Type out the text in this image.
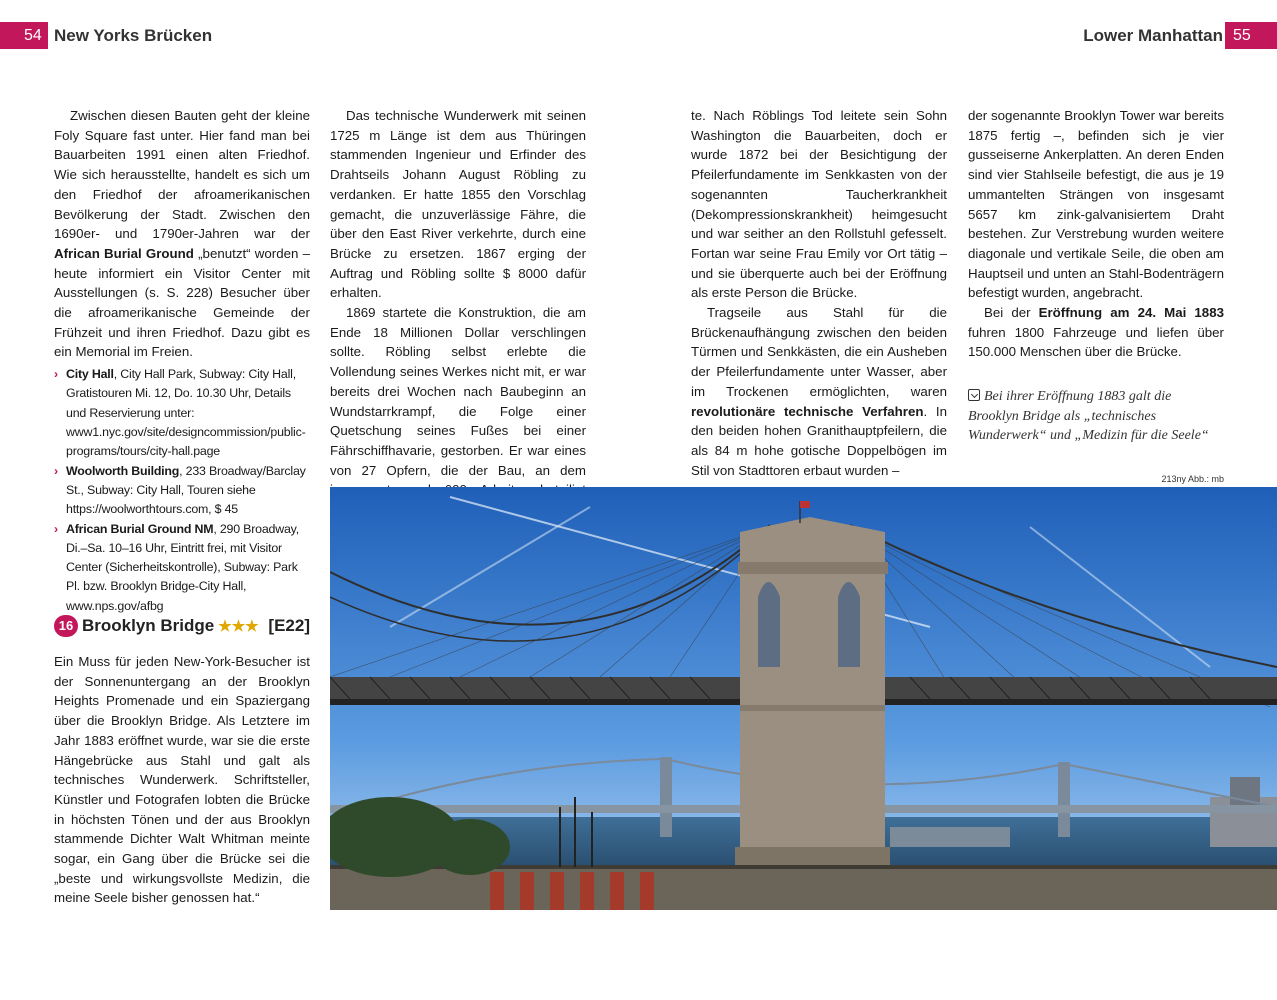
54 New Yorks Brücken	Lower Manhattan 55

Zwischen diesen Bauten geht der kleine Foly Square fast unter. Hier fand man bei Bauarbeiten 1991 einen alten Friedhof. Wie sich herausstellte, handelt es sich um den Friedhof der afroamerikanischen Bevölkerung der Stadt. Zwischen den 1690er- und 1790er-Jahren war der African Burial Ground „benutzt“ worden – heute informiert ein Visitor Center mit Ausstellungen (s. S. 228) Besucher über die afroamerikanische Gemeinde der Frühzeit und ihren Friedhof. Dazu gibt es ein Memorial im Freien.

› City Hall, City Hall Park, Subway: City Hall, Gratistouren Mi. 12, Do. 10.30 Uhr, Details und Reservierung unter: www1.nyc.gov/site/designcommission/public-programs/tours/city-hall.page
› Woolworth Building, 233 Broadway/Barclay St., Subway: City Hall, Touren siehe https://woolworthtours.com, $ 45
› African Burial Ground NM, 290 Broadway, Di.–Sa. 10–16 Uhr, Eintritt frei, mit Visitor Center (Sicherheitskontrolle), Subway: Park Pl. bzw. Brooklyn Bridge-City Hall, www.nps.gov/afbg
16 Brooklyn Bridge ★★★ [E22]

Ein Muss für jeden New-York-Besucher ist der Sonnenuntergang an der Brooklyn Heights Promenade und ein Spaziergang über die Brooklyn Bridge. Als Letztere im Jahr 1883 eröffnet wurde, war sie die erste Hängebrücke aus Stahl und galt als technisches Wunderwerk. Schriftsteller, Künstler und Fotografen lobten die Brücke in höchsten Tönen und der aus Brooklyn stammende Dichter Walt Whitman meinte sogar, ein Gang über die Brücke sei die „beste und wirkungsvollste Medizin, die meine Seele bisher genossen hat.“

Das technische Wunderwerk mit seinen 1725 m Länge ist dem aus Thüringen stammenden Ingenieur und Erfinder des Drahtseils Johann August Röbling zu verdanken. Er hatte 1855 den Vorschlag gemacht, die unzuverlässige Fähre, die über den East River verkehrte, durch eine Brücke zu ersetzen. 1867 erging der Auftrag und Röbling sollte $ 8000 dafür erhalten.

1869 startete die Konstruktion, die am Ende 18 Millionen Dollar verschlingen sollte. Röbling selbst erlebte die Vollendung seines Werkes nicht mit, er war bereits drei Wochen nach Baubeginn an Wundstarrkrampf, die Folge einer Quetschung seines Fußes bei einer Fährschiffhavarie, gestorben. Er war eines von 27 Opfern, die der Bau, an dem

te. Nach Röblings Tod leitete sein Sohn Washington die Bauarbeiten, doch er wurde 1872 bei der Besichtigung der Pfeilerfundamente im Senkkasten von der sogenannten Taucherkrankheit (Dekompressionskrankheit) heimgesucht und war seither an den Rollstuhl gefesselt. Fortan war seine Frau Emily vor Ort tätig – und sie überquerte auch bei der Eröffnung als erste Person die Brücke.

Tragseile aus Stahl für die Brückenaufhängung zwischen den beiden Türmen und Senkkästen, die ein Ausheben der Pfeilerfundamente unter Wasser, aber im Trockenen ermöglichten, waren revolutionäre technische Verfahren. In den beiden hohen Granithauptpfeilern, die als 84 m hohe gotische Doppelbögen im Stil von Stadttoren erbaut wurden –

der sogenannte Brooklyn Tower war bereits 1875 fertig –, befinden sich je vier gusseiserne Ankerplatten. An deren Enden sind vier Stahlseile befestigt, die aus je 19 ummantelten Strängen von insgesamt 5657 km zink-galvanisiertem Draht bestehen. Zur Verstrebung wurden weitere diagonale und vertikale Seile, die oben am Hauptseil und unten an Stahl-Bodenträgern befestigt wurden, angebracht.

Bei der Eröffnung am 24. Mai 1883 fuhren 1800 Fahrzeuge und liefen über 150.000 Menschen über die Brücke.

Bei ihrer Eröffnung 1883 galt die Brooklyn Bridge als „technisches Wunderwerk“ und „Medizin für die Seele“
213ny Abb.: mb
